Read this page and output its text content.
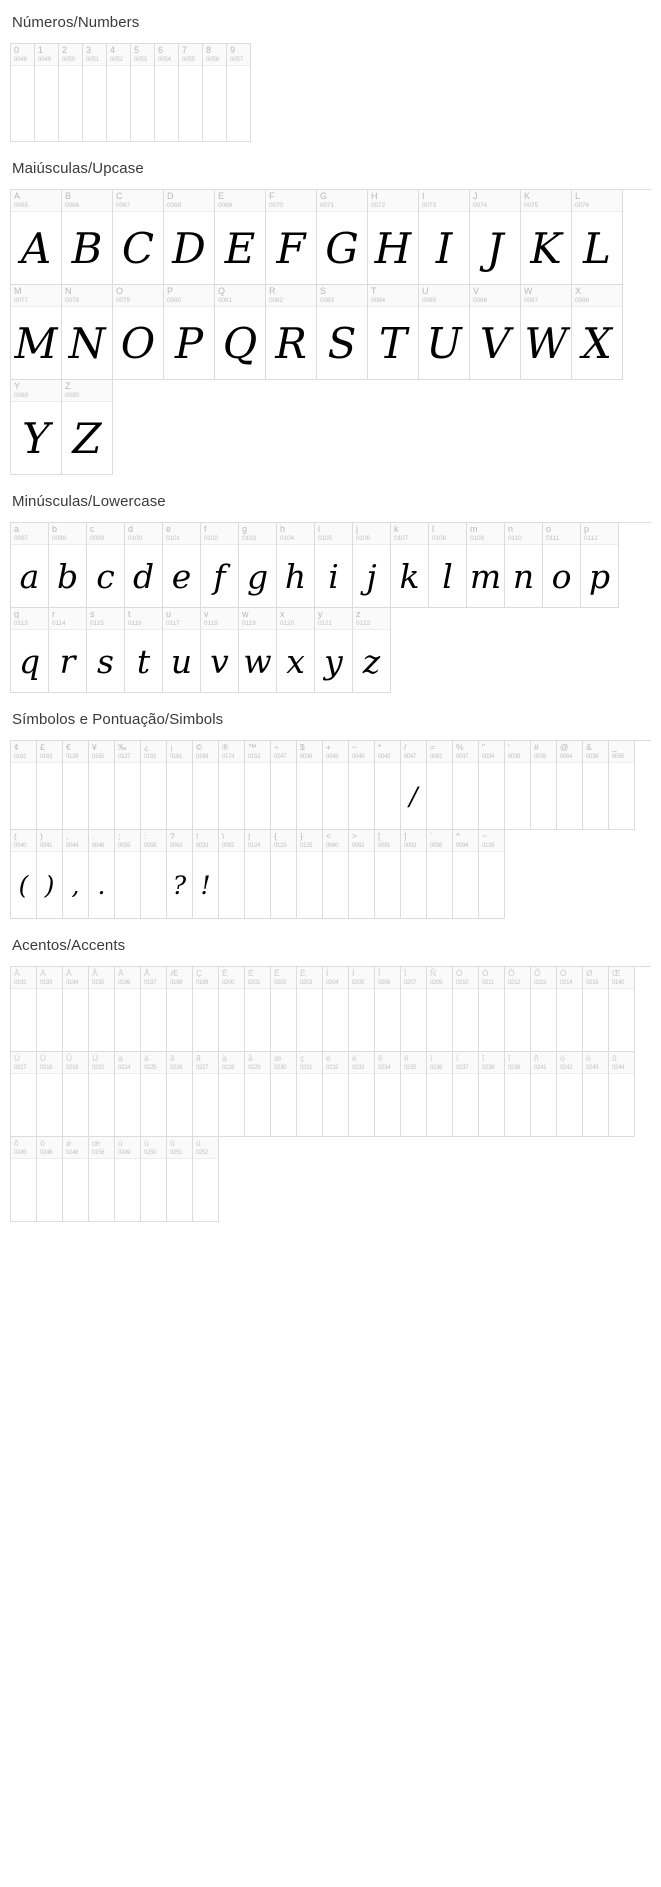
Números/Numbers
0
0048
1
0049
2
0050
3
0051
4
0052
5
0053
6
0054
7
0055
8
0056
9
0057
Maiúsculas/Upcase
A
0065
A
B
0066
B
C
0067
C
D
0068
D
E
0069
E
F
0070
F
G
0071
G
H
0072
H
I
0073
I
J
0074
J
K
0075
K
L
0076
L
M
0077
M
N
0078
N
O
0079
O
P
0080
P
Q
0081
Q
R
0082
R
S
0083
S
T
0084
T
U
0085
U
V
0086
V
W
0087
W
X
0088
X
Y
0089
Y
Z
0090
Z
Minúsculas/Lowercase
a
0097
a
b
0098
b
c
0099
c
d
0100
d
e
0101
e
f
0102
f
g
0103
g
h
0104
h
i
0105
i
j
0106
j
k
0107
k
l
0108
l
m
0109
m
n
0110
n
o
0111
o
p
0112
p
q
0113
q
r
0114
r
s
0115
s
t
0116
t
u
0117
u
v
0118
v
w
0119
w
x
0120
x
y
0121
y
z
0122
z
Símbolos e Pontuação/Simbols
¢
0162
£
0163
€
0128
¥
0165
‰
0137
¿
0191
¡
0161
©
0169
®
0174
™
0153
÷
0247
$
0036
+
0043
−
0045
*
0042
/
0047
/
=
0061
%
0037
"
0034
'
0039
#
0035
@
0064
&
0038
_
0095
(
0040
(
)
0041
)
,
0044
,
.
0046
.
;
0059
:
0058
?
0063
?
!
0033
!
\
0092
|
0124
{
0123
}
0125
<
0060
>
0062
[
0091
]
0093
`
0096
^
0094
~
0126
Acentos/Accents
À
0192
Á
0193
Â
0194
Ã
0195
Ä
0196
Å
0197
Æ
0198
Ç
0199
È
0200
É
0201
Ê
0202
Ë
0203
Ì
0204
Í
0205
Î
0206
Ï
0207
Ñ
0209
Ò
0210
Ó
0211
Ô
0212
Õ
0213
Ö
0214
Ø
0216
Œ
0140
Ù
0217
Ú
0218
Û
0219
Ü
0220
à
0224
á
0225
â
0226
ã
0227
ä
0228
å
0229
æ
0230
ç
0231
è
0232
é
0233
ê
0234
ë
0235
ì
0236
í
0237
î
0238
ï
0239
ñ
0241
ò
0242
ó
0243
ô
0244
õ
0245
ö
0246
ø
0248
œ
0156
ù
0249
ú
0250
û
0251
ü
0252
